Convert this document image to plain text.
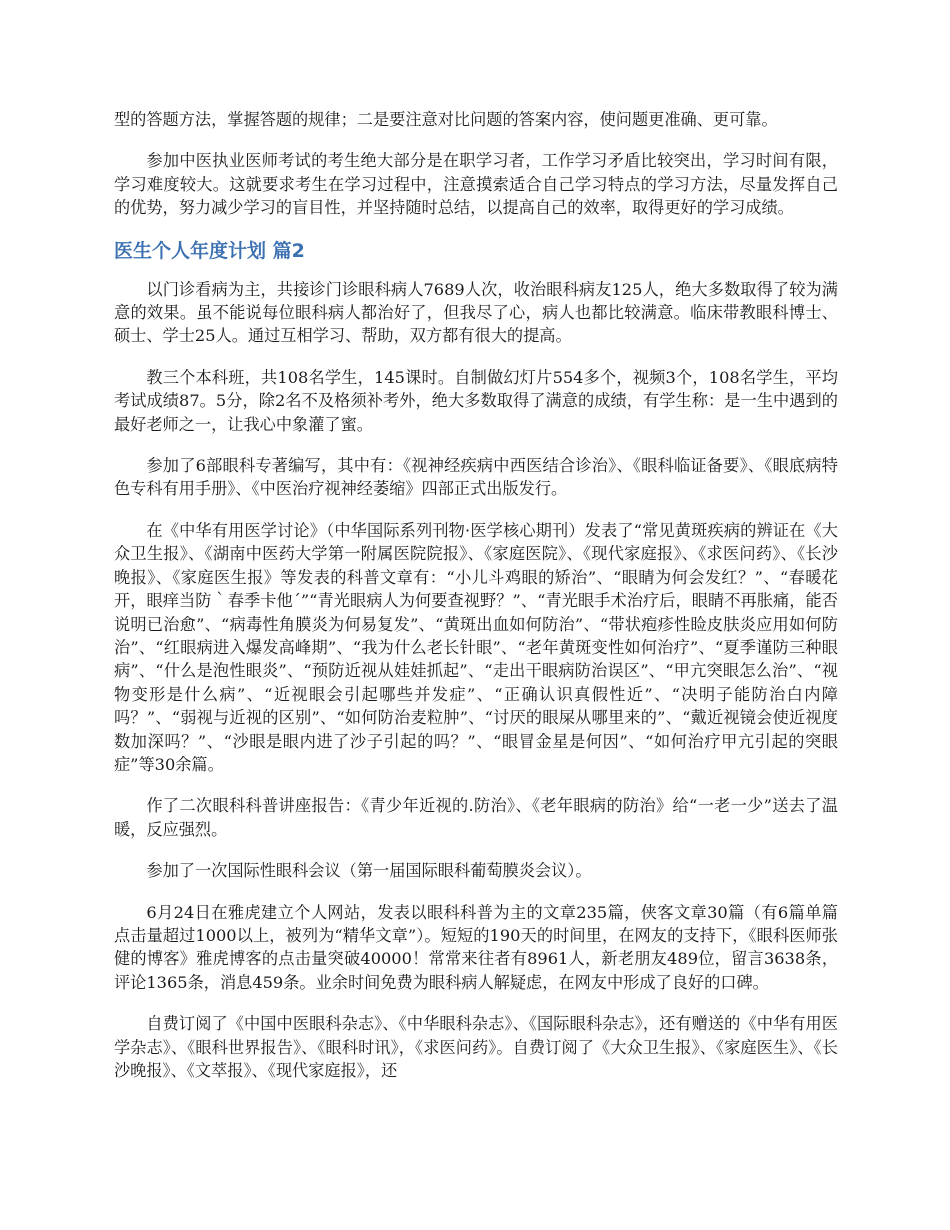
型的答题方法，掌握答题的规律；二是要注意对比问题的答案内容，使问题更准确、更可靠。

参加中医执业医师考试的考生绝大部分是在职学习者，工作学习矛盾比较突出，学习时间有限，学习难度较大。这就要求考生在学习过程中，注意摸索适合自己学习特点的学习方法，尽量发挥自己的优势，努力减少学习的盲目性，并坚持随时总结，以提高自己的效率，取得更好的学习成绩。

医生个人年度计划 篇2

以门诊看病为主，共接诊门诊眼科病人7689人次，收治眼科病友125人，绝大多数取得了较为满意的效果。虽不能说每位眼科病人都治好了，但我尽了心，病人也都比较满意。临床带教眼科博士、硕士、学士25人。通过互相学习、帮助，双方都有很大的提高。

教三个本科班，共108名学生，145课时。自制做幻灯片554多个，视频3个，108名学生，平均考试成绩87。5分，除2名不及格须补考外，绝大多数取得了满意的成绩，有学生称：是一生中遇到的最好老师之一，让我心中象灌了蜜。

参加了6部眼科专著编写，其中有：《视神经疾病中西医结合诊治》、《眼科临证备要》、《眼底病特色专科有用手册》、《中医治疗视神经萎缩》四部正式出版发行。

在《中华有用医学讨论》（中华国际系列刊物·医学核心期刊）发表了“常见黄斑疾病的辨证在《大众卫生报》、《湖南中医药大学第一附属医院院报》、《家庭医院》、《现代家庭报》、《求医问药》、《长沙晚报》、《家庭医生报》等发表的科普文章有：“小儿斗鸡眼的矫治”、“眼睛为何会发红？”、“春暖花开，眼痒当防｀春季卡他´”“青光眼病人为何要查视野？”、“青光眼手术治疗后，眼睛不再胀痛，能否说明已治愈”、“病毒性角膜炎为何易复发”、“黄斑出血如何防治”、“带状疱疹性睑皮肤炎应用如何防治”、“红眼病进入爆发高峰期”、“我为什么老长针眼”、“老年黄斑变性如何治疗”、“夏季谨防三种眼病”、“什么是泡性眼炎”、“预防近视从娃娃抓起”、“走出干眼病防治误区”、“甲亢突眼怎么治”、“视物变形是什么病”、“近视眼会引起哪些并发症”、“正确认识真假性近”、“决明子能防治白内障吗？”、“弱视与近视的区别”、“如何防治麦粒肿”、“讨厌的眼屎从哪里来的”、“戴近视镜会使近视度数加深吗？”、“沙眼是眼内进了沙子引起的吗？”、“眼冒金星是何因”、“如何治疗甲亢引起的突眼症”等30余篇。

作了二次眼科科普讲座报告：《青少年近视的.防治》、《老年眼病的防治》给“一老一少”送去了温暖，反应强烈。

参加了一次国际性眼科会议（第一届国际眼科葡萄膜炎会议）。

6月24日在雅虎建立个人网站，发表以眼科科普为主的文章235篇，侠客文章30篇（有6篇单篇点击量超过1000以上，被列为“精华文章”）。短短的190天的时间里，在网友的支持下，《眼科医师张健的博客》雅虎博客的点击量突破40000！常常来往者有8961人，新老朋友489位，留言3638条，评论1365条，消息459条。业余时间免费为眼科病人解疑虑，在网友中形成了良好的口碑。

自费订阅了《中国中医眼科杂志》、《中华眼科杂志》、《国际眼科杂志》，还有赠送的《中华有用医学杂志》、《眼科世界报告》、《眼科时讯》，《求医问药》。自费订阅了《大众卫生报》、《家庭医生》、《长沙晚报》、《文萃报》、《现代家庭报》，还
